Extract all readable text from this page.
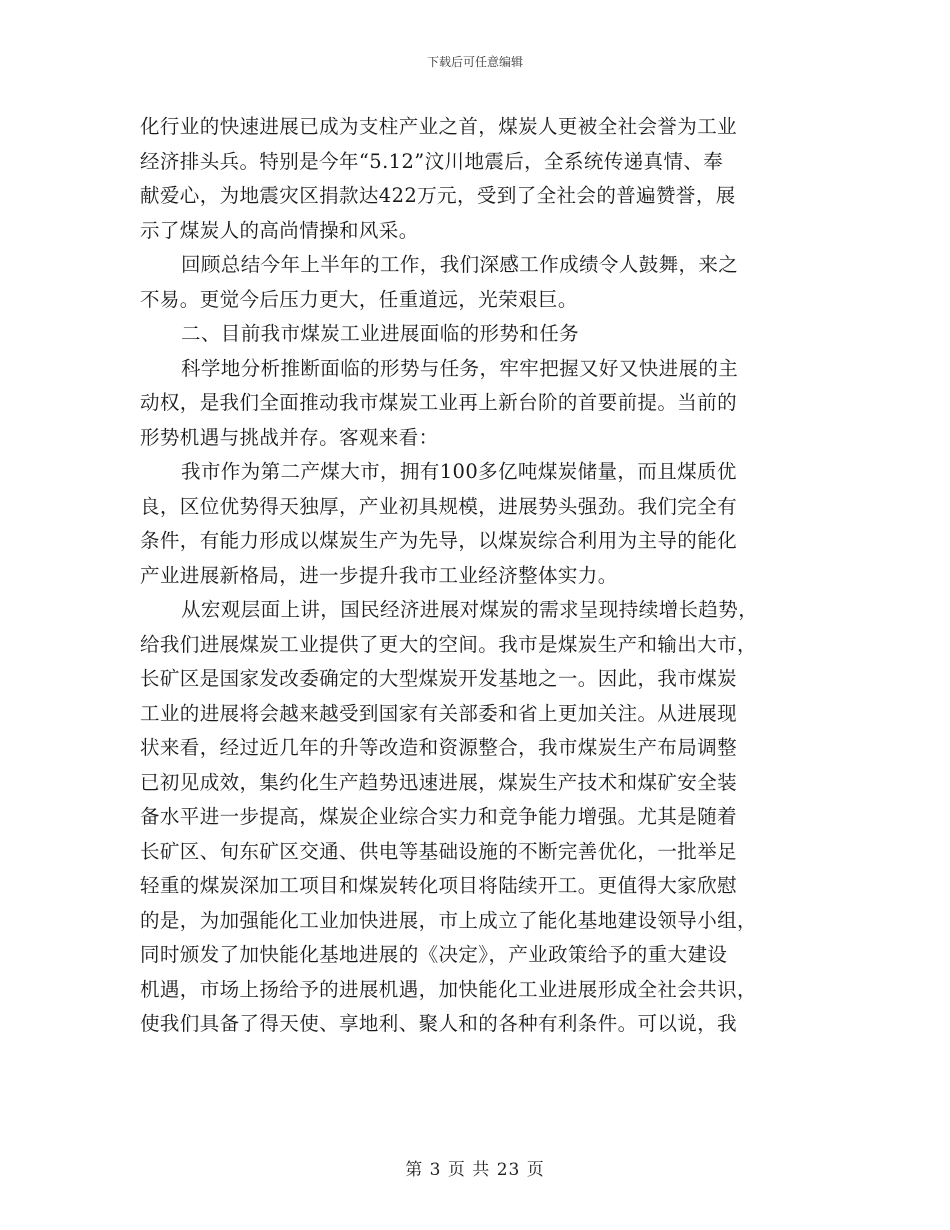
下载后可任意编辑
化行业的快速进展已成为支柱产业之首，煤炭人更被全社会誉为工业
经济排头兵。特别是今年“5.12”汶川地震后，全系统传递真情、奉
献爱心，为地震灾区捐款达422万元，受到了全社会的普遍赞誉，展
示了煤炭人的高尚情操和风采。
回顾总结今年上半年的工作，我们深感工作成绩令人鼓舞，来之
不易。更觉今后压力更大，任重道远，光荣艰巨。
二、目前我市煤炭工业进展面临的形势和任务
科学地分析推断面临的形势与任务，牢牢把握又好又快进展的主
动权，是我们全面推动我市煤炭工业再上新台阶的首要前提。当前的
形势机遇与挑战并存。客观来看：
我市作为第二产煤大市，拥有100多亿吨煤炭储量，而且煤质优
良，区位优势得天独厚，产业初具规模，进展势头强劲。我们完全有
条件，有能力形成以煤炭生产为先导，以煤炭综合利用为主导的能化
产业进展新格局，进一步提升我市工业经济整体实力。
从宏观层面上讲，国民经济进展对煤炭的需求呈现持续增长趋势，
给我们进展煤炭工业提供了更大的空间。我市是煤炭生产和输出大市，
长矿区是国家发改委确定的大型煤炭开发基地之一。因此，我市煤炭
工业的进展将会越来越受到国家有关部委和省上更加关注。从进展现
状来看，经过近几年的升等改造和资源整合，我市煤炭生产布局调整
已初见成效，集约化生产趋势迅速进展，煤炭生产技术和煤矿安全装
备水平进一步提高，煤炭企业综合实力和竞争能力增强。尤其是随着
长矿区、旬东矿区交通、供电等基础设施的不断完善优化，一批举足
轻重的煤炭深加工项目和煤炭转化项目将陆续开工。更值得大家欣慰
的是，为加强能化工业加快进展，市上成立了能化基地建设领导小组，
同时颁发了加快能化基地进展的《决定》，产业政策给予的重大建设
机遇，市场上扬给予的进展机遇，加快能化工业进展形成全社会共识，
使我们具备了得天使、享地利、聚人和的各种有利条件。可以说，我
第 3 页 共 23 页
